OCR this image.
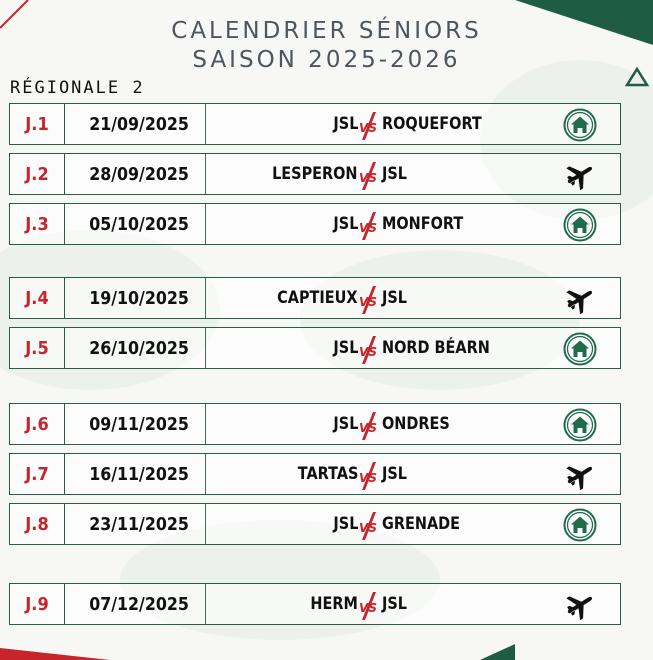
CALENDRIER SÉNIORS
SAISON 2025-2026
RÉGIONALE 2
J.1	21/09/2025	JSL ROQUEFORT
J.2	28/09/2025	LESPERON JSL
J.3	05/10/2025	JSL MONFORT
J.4	19/10/2025	CAPTIEUX JSL
J.5	26/10/2025	JSL NORD BÉARN
J.6	09/11/2025	JSL ONDRES
J.7	16/11/2025	TARTAS JSL
J.8	23/11/2025	JSL GRENADE
J.9	07/12/2025	HERM JSL
